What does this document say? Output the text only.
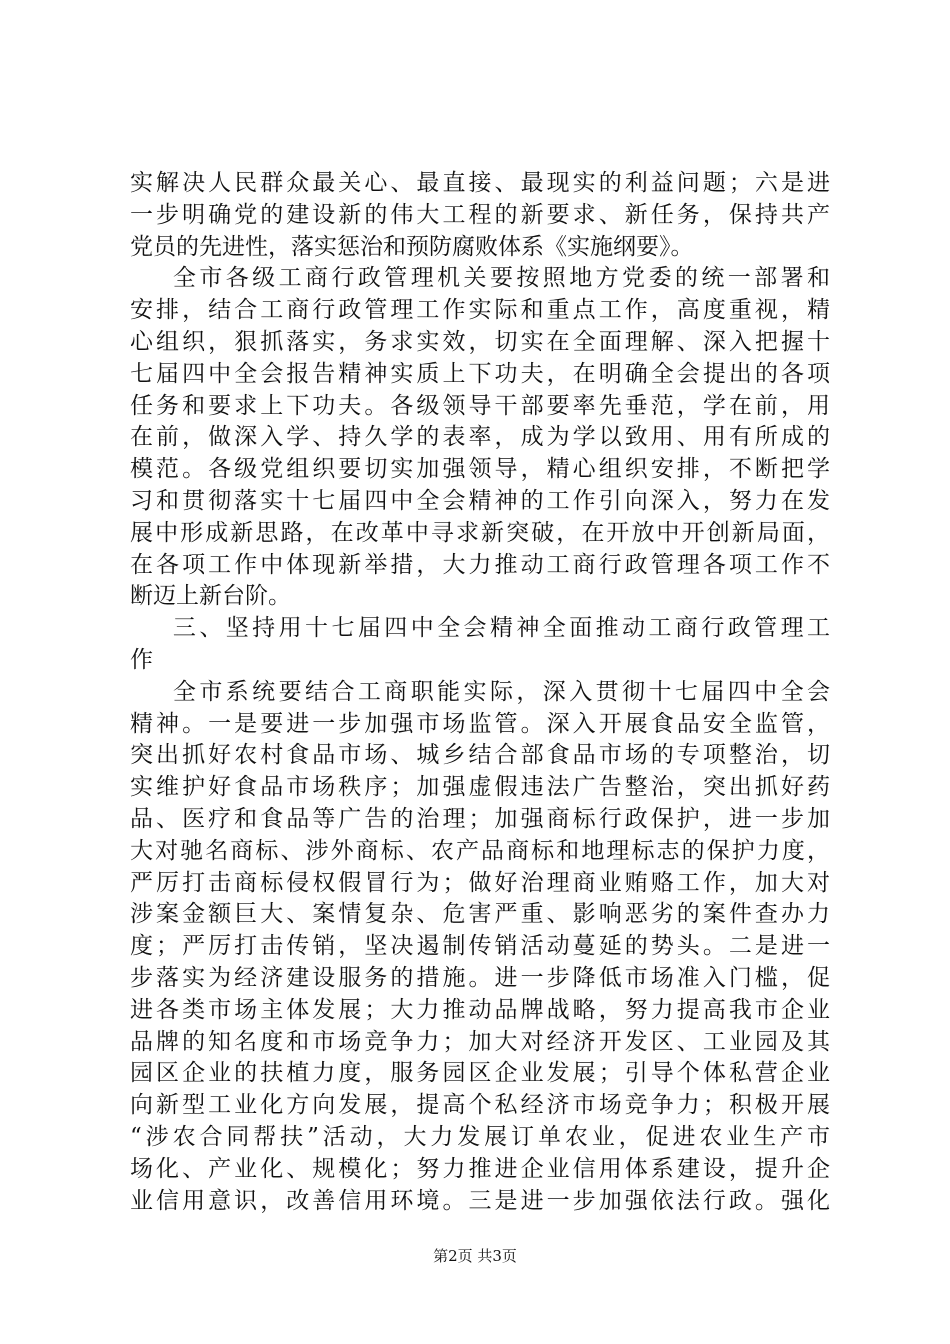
实解决人民群众最关心、最直接、最现实的利益问题；六是进
一步明确党的建设新的伟大工程的新要求、新任务，保持共产
党员的先进性，落实惩治和预防腐败体系《实施纲要》。
全市各级工商行政管理机关要按照地方党委的统一部署和
安排，结合工商行政管理工作实际和重点工作，高度重视，精
心组织，狠抓落实，务求实效，切实在全面理解、深入把握十
七届四中全会报告精神实质上下功夫，在明确全会提出的各项
任务和要求上下功夫。各级领导干部要率先垂范，学在前，用
在前，做深入学、持久学的表率，成为学以致用、用有所成的
模范。各级党组织要切实加强领导，精心组织安排，不断把学
习和贯彻落实十七届四中全会精神的工作引向深入，努力在发
展中形成新思路，在改革中寻求新突破，在开放中开创新局面，
在各项工作中体现新举措，大力推动工商行政管理各项工作不
断迈上新台阶。
三、坚持用十七届四中全会精神全面推动工商行政管理工
作
全市系统要结合工商职能实际，深入贯彻十七届四中全会
精神。一是要进一步加强市场监管。深入开展食品安全监管，
突出抓好农村食品市场、城乡结合部食品市场的专项整治，切
实维护好食品市场秩序；加强虚假违法广告整治，突出抓好药
品、医疗和食品等广告的治理；加强商标行政保护，进一步加
大对驰名商标、涉外商标、农产品商标和地理标志的保护力度，
严厉打击商标侵权假冒行为；做好治理商业贿赂工作，加大对
涉案金额巨大、案情复杂、危害严重、影响恶劣的案件查办力
度；严厉打击传销，坚决遏制传销活动蔓延的势头。二是进一
步落实为经济建设服务的措施。进一步降低市场准入门槛，促
进各类市场主体发展；大力推动品牌战略，努力提高我市企业
品牌的知名度和市场竞争力；加大对经济开发区、工业园及其
园区企业的扶植力度，服务园区企业发展；引导个体私营企业
向新型工业化方向发展，提高个私经济市场竞争力；积极开展
“涉农合同帮扶”活动，大力发展订单农业，促进农业生产市
场化、产业化、规模化；努力推进企业信用体系建设，提升企
业信用意识，改善信用环境。三是进一步加强依法行政。强化
第2页 共3页
